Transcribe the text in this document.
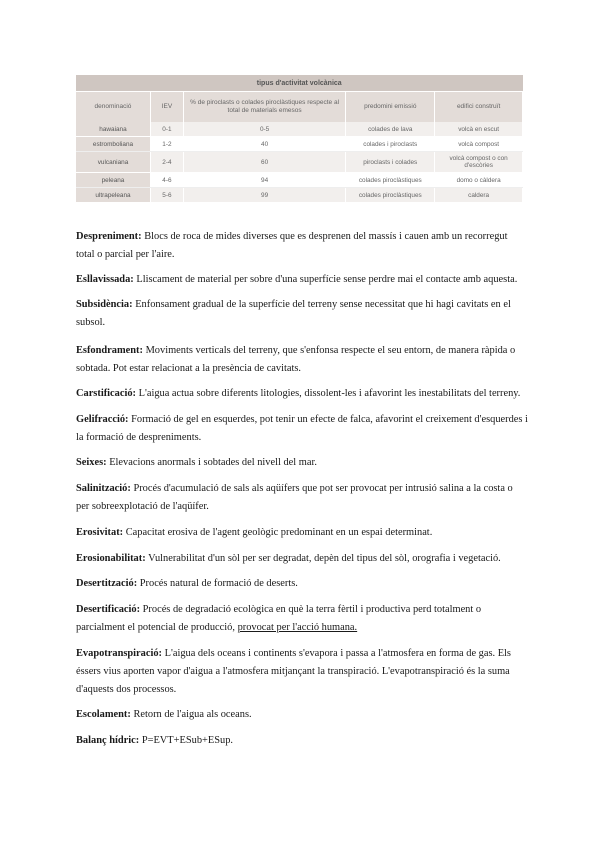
tipus d'activitat volcànica				
denominació	IEV	% de piroclasts o colades piroclàstiques respecte al total de materials emesos	predomini emissió	edifici construït
hawaiana	0-1	0-5	colades de lava	volcà en escut
estromboliana	1-2	40	colades i piroclasts	volcà compost
vulcaniana	2-4	60	piroclasts i colades	volcà compost o con d'escòries
peleana	4-6	94	colades piroclàstiques	domo o càldera
ultrapeleana	5-6	99	colades piroclàstiques	caldera

Despreniment: Blocs de roca de mides diverses que es desprenen del massís i cauen amb un recorregut total o parcial per l'aire.

Esllavissada: Lliscament de material per sobre d'una superfície sense perdre mai el contacte amb aquesta.

Subsidència: Enfonsament gradual de la superfície del terreny sense necessitat que hi hagi cavitats en el subsol.

Esfondrament: Moviments verticals del terreny, que s'enfonsa respecte el seu entorn, de manera ràpida o sobtada. Pot estar relacionat a la presència de cavitats.

Carstificació: L'aigua actua sobre diferents litologies, dissolent-les i afavorint les inestabilitats del terreny.

Gelifracció: Formació de gel en esquerdes, pot tenir un efecte de falca, afavorint el creixement d'esquerdes i la formació de despreniments.

Seixes: Elevacions anormals i sobtades del nivell del mar.

Salinització: Procés d'acumulació de sals als aqüífers que pot ser provocat per intrusió salina a la costa o per sobreexplotació de l'aqüífer.

Erosivitat: Capacitat erosiva de l'agent geològic predominant en un espai determinat.

Erosionabilitat: Vulnerabilitat d'un sòl per ser degradat, depèn del tipus del sòl, orografia i vegetació.

Desertització: Procés natural de formació de deserts.

Desertificació: Procés de degradació ecològica en què la terra fèrtil i productiva perd totalment o parcialment el potencial de producció, provocat per l'acció humana.

Evapotranspiració: L'aigua dels oceans i continents s'evapora i passa a l'atmosfera en forma de gas. Els éssers vius aporten vapor d'aigua a l'atmosfera mitjançant la transpiració. L'evapotranspiració és la suma d'aquests dos processos.

Escolament: Retorn de l'aigua als oceans.

Balanç hídric: P=EVT+ESub+ESup.
